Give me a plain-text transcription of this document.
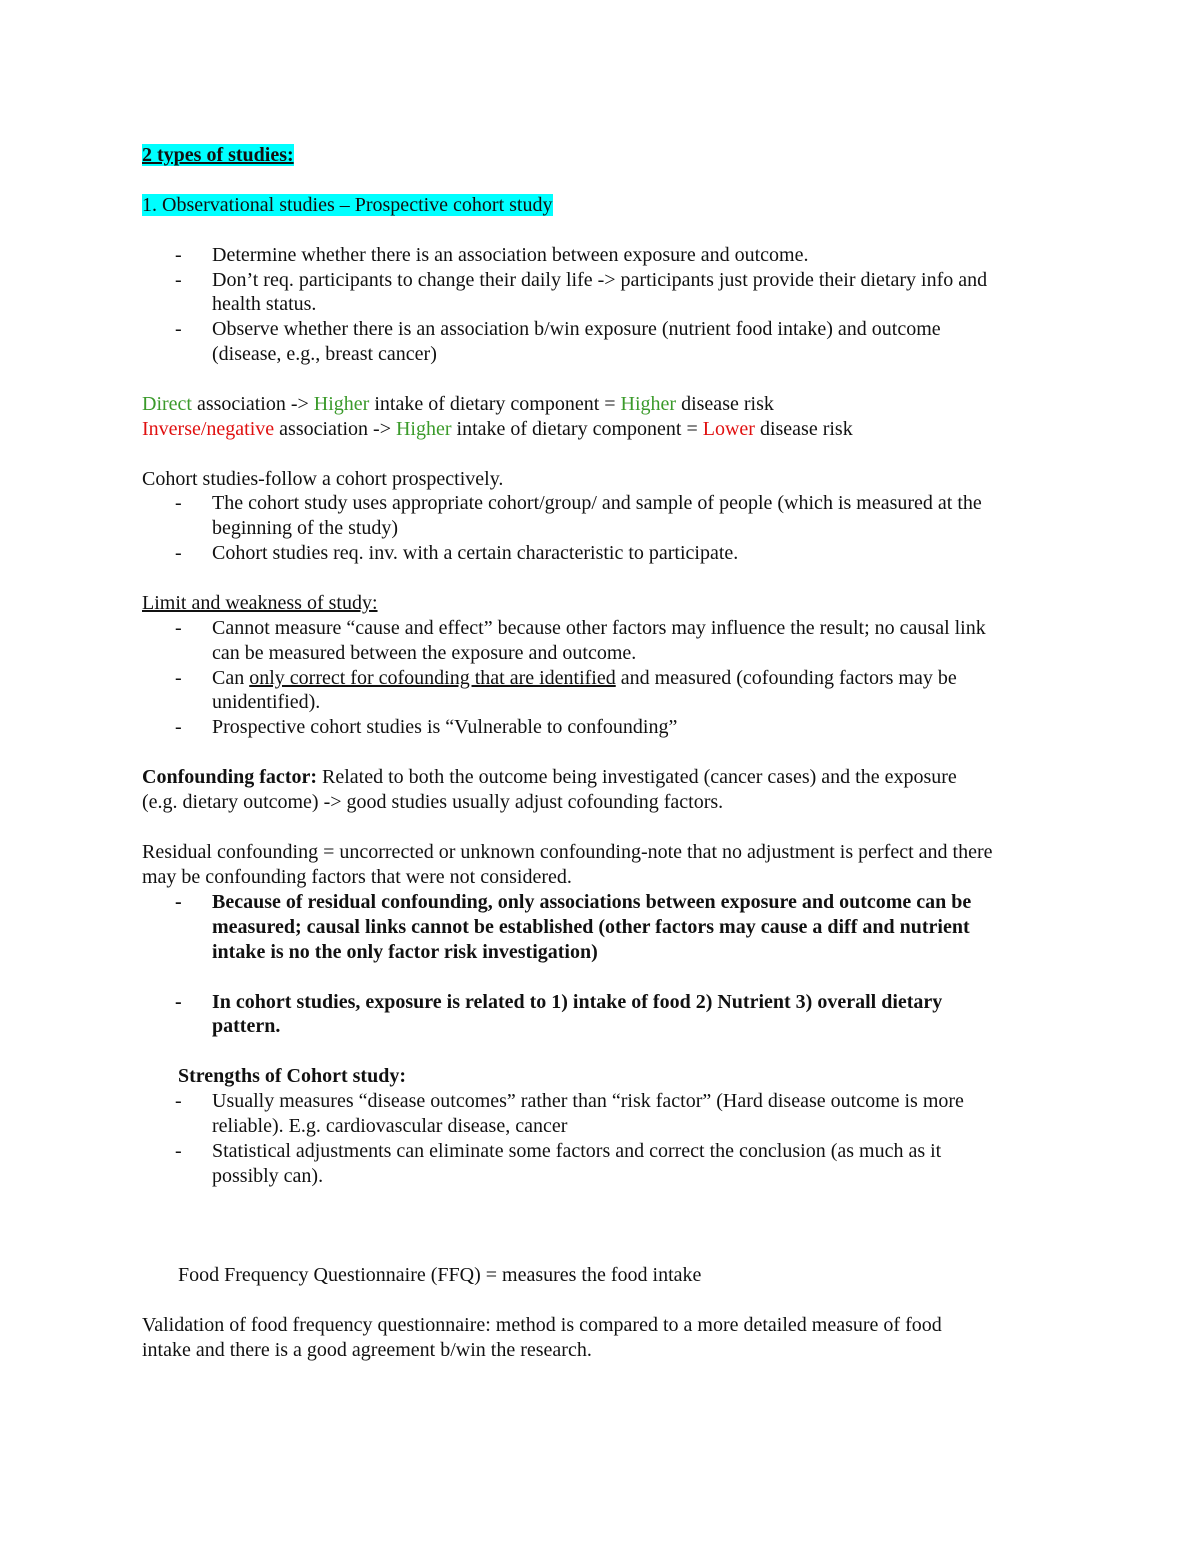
2 types of studies:
1. Observational studies – Prospective cohort study
- Determine whether there is an association between exposure and outcome.
- Don’t req. participants to change their daily life -> participants just provide their dietary info and
health status.
- Observe whether there is an association b/win exposure (nutrient food intake) and outcome
(disease, e.g., breast cancer)
Direct association -> Higher intake of dietary component = Higher disease risk
Inverse/negative association -> Higher intake of dietary component = Lower disease risk
Cohort studies-follow a cohort prospectively.
- The cohort study uses appropriate cohort/group/ and sample of people (which is measured at the
beginning of the study)
- Cohort studies req. inv. with a certain characteristic to participate.
Limit and weakness of study:
- Cannot measure “cause and effect” because other factors may influence the result; no causal link
can be measured between the exposure and outcome.
- Can only correct for cofounding that are identified and measured (cofounding factors may be
unidentified).
- Prospective cohort studies is “Vulnerable to confounding”
Confounding factor: Related to both the outcome being investigated (cancer cases) and the exposure
(e.g. dietary outcome) -> good studies usually adjust cofounding factors.
Residual confounding = uncorrected or unknown confounding-note that no adjustment is perfect and there
may be confounding factors that were not considered.
- Because of residual confounding, only associations between exposure and outcome can be
measured; causal links cannot be established (other factors may cause a diff and nutrient
intake is no the only factor risk investigation)
- In cohort studies, exposure is related to 1) intake of food 2) Nutrient 3) overall dietary
pattern.
Strengths of Cohort study:
- Usually measures “disease outcomes” rather than “risk factor” (Hard disease outcome is more
reliable). E.g. cardiovascular disease, cancer
- Statistical adjustments can eliminate some factors and correct the conclusion (as much as it
possibly can).
Food Frequency Questionnaire (FFQ) = measures the food intake
Validation of food frequency questionnaire: method is compared to a more detailed measure of food
intake and there is a good agreement b/win the research.
